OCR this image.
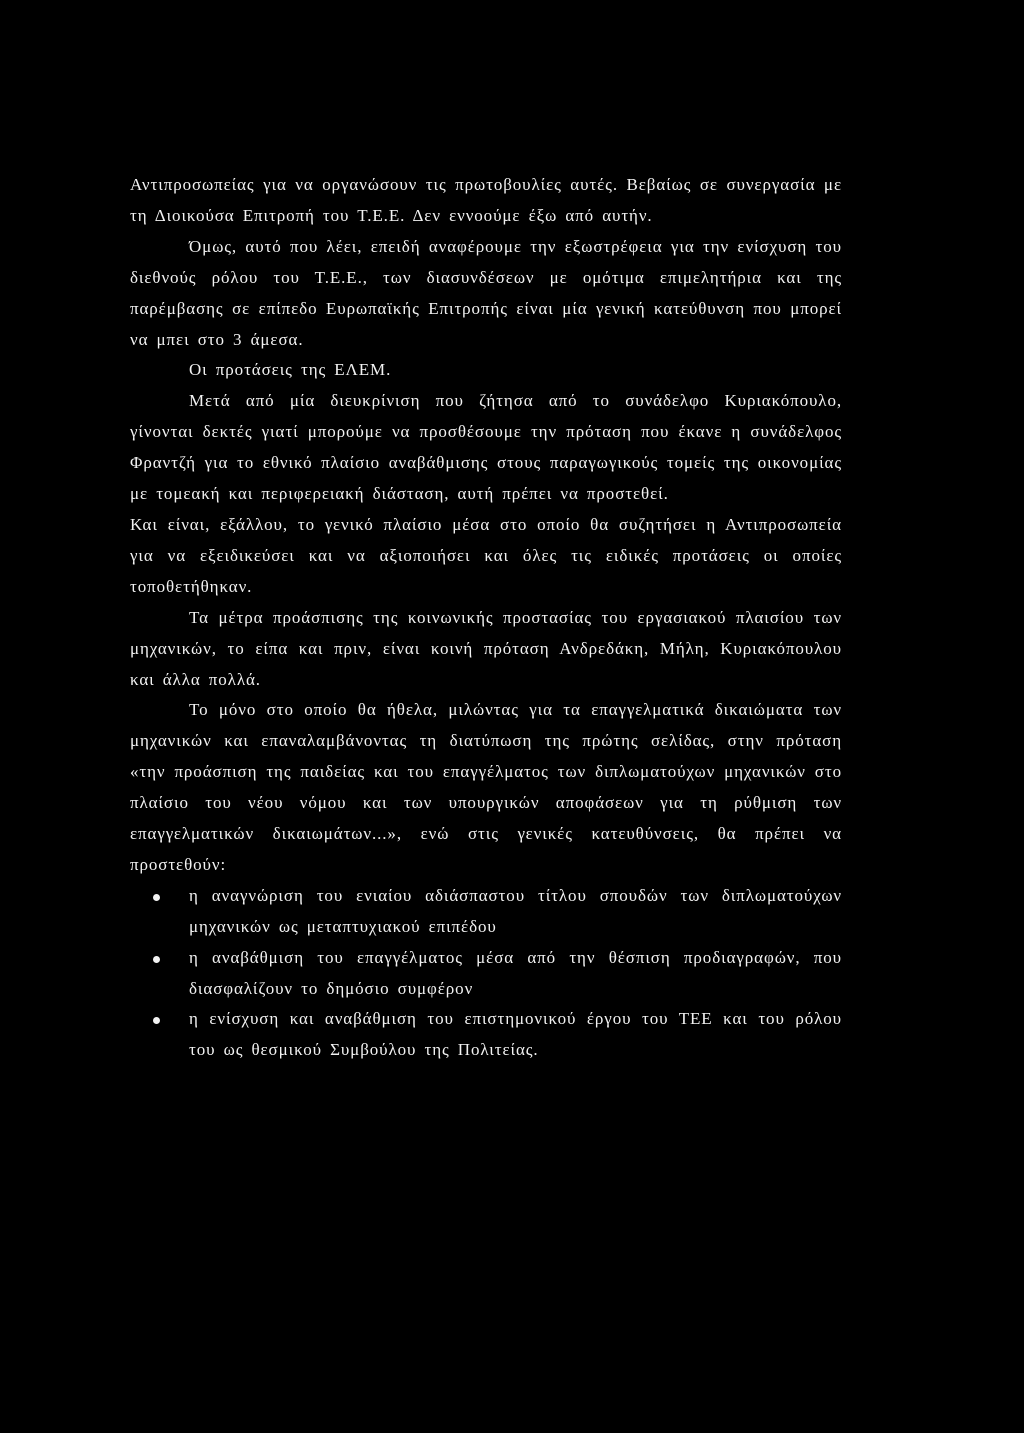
Αντιπροσωπείας για να οργανώσουν τις πρωτοβουλίες αυτές. Βεβαίως σε συνεργασία με τη Διοικούσα Επιτροπή του Τ.Ε.Ε. Δεν εννοούμε έξω από αυτήν.

Όμως, αυτό που λέει, επειδή αναφέρουμε την εξωστρέφεια για την ενίσχυση του διεθνούς ρόλου του Τ.Ε.Ε., των διασυνδέσεων με ομότιμα επιμελητήρια και της παρέμβασης σε επίπεδο Ευρωπαϊκής Επιτροπής είναι μία γενική κατεύθυνση που μπορεί να μπει στο 3 άμεσα.

Οι προτάσεις της ΕΛΕΜ.

Μετά από μία διευκρίνιση που ζήτησα από το συνάδελφο Κυριακόπουλο, γίνονται δεκτές γιατί μπορούμε να προσθέσουμε την πρόταση που έκανε η συνάδελφος Φραντζή για το εθνικό πλαίσιο αναβάθμισης στους παραγωγικούς τομείς της οικονομίας με τομεακή και περιφερειακή διάσταση, αυτή πρέπει να προστεθεί.

Και είναι, εξάλλου, το γενικό πλαίσιο μέσα στο οποίο θα συζητήσει η Αντιπροσωπεία για να εξειδικεύσει και να αξιοποιήσει και όλες τις ειδικές προτάσεις οι οποίες τοποθετήθηκαν.

Τα μέτρα προάσπισης της κοινωνικής προστασίας του εργασιακού πλαισίου των μηχανικών, το είπα και πριν, είναι κοινή πρόταση Ανδρεδάκη, Μήλη, Κυριακόπουλου και άλλα πολλά.

Το μόνο στο οποίο θα ήθελα, μιλώντας για τα επαγγελματικά δικαιώματα των μηχανικών και επαναλαμβάνοντας τη διατύπωση της πρώτης σελίδας, στην πρόταση «την προάσπιση της παιδείας και του επαγγέλματος των διπλωματούχων μηχανικών στο πλαίσιο του νέου νόμου και των υπουργικών αποφάσεων για τη ρύθμιση των επαγγελματικών δικαιωμάτων...», ενώ στις γενικές κατευθύνσεις, θα πρέπει να προστεθούν:

η αναγνώριση του ενιαίου αδιάσπαστου τίτλου σπουδών των διπλωματούχων μηχανικών ως μεταπτυχιακού επιπέδου
η αναβάθμιση του επαγγέλματος μέσα από την θέσπιση προδιαγραφών, που διασφαλίζουν το δημόσιο συμφέρον
η ενίσχυση και αναβάθμιση του επιστημονικού έργου του ΤΕΕ και του ρόλου του ως θεσμικού Συμβούλου της Πολιτείας.
